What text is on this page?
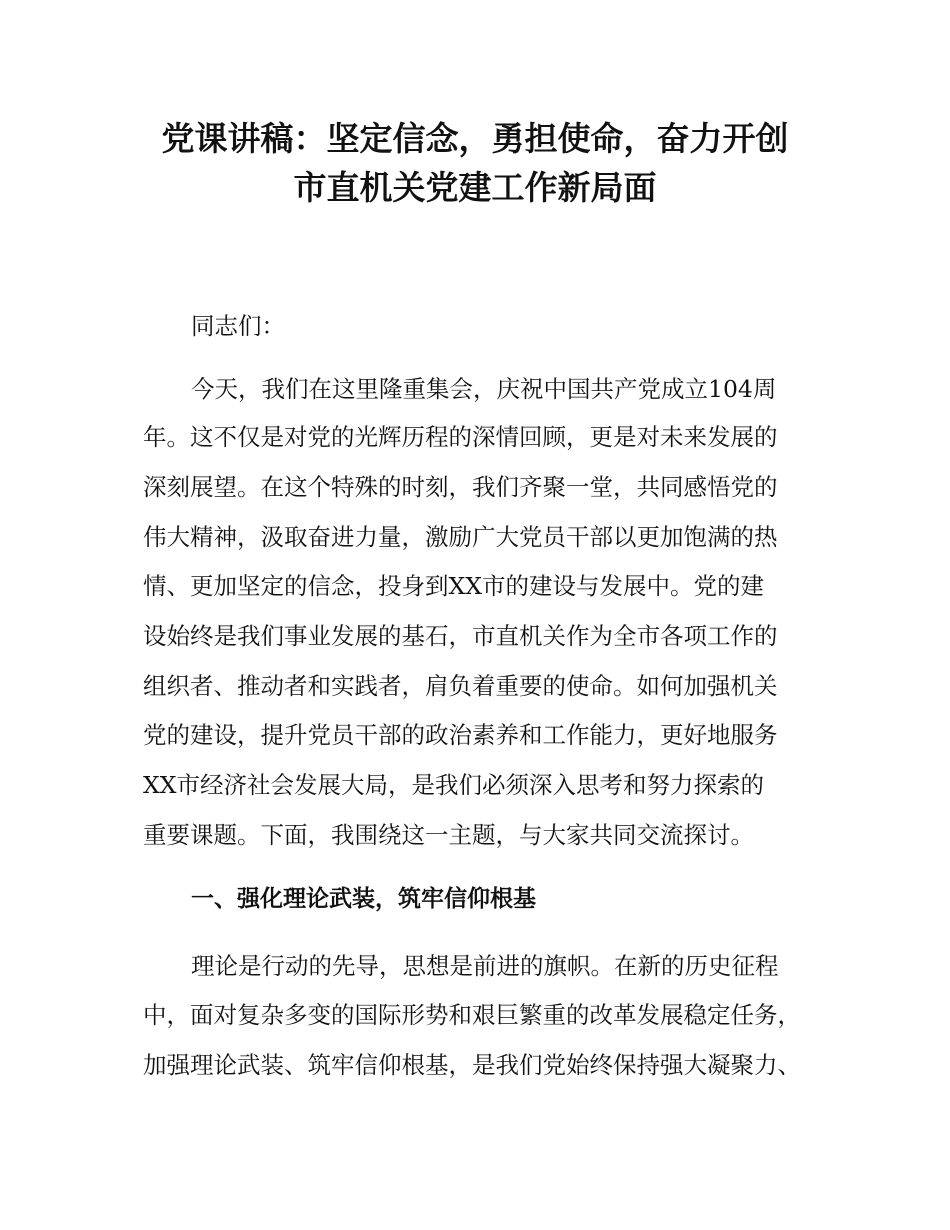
党课讲稿：坚定信念，勇担使命，奋力开创
市直机关党建工作新局面
同志们：
今天，我们在这里隆重集会，庆祝中国共产党成立104周
年。这不仅是对党的光辉历程的深情回顾，更是对未来发展的
深刻展望。在这个特殊的时刻，我们齐聚一堂，共同感悟党的
伟大精神，汲取奋进力量，激励广大党员干部以更加饱满的热
情、更加坚定的信念，投身到XX市的建设与发展中。党的建
设始终是我们事业发展的基石，市直机关作为全市各项工作的
组织者、推动者和实践者，肩负着重要的使命。如何加强机关
党的建设，提升党员干部的政治素养和工作能力，更好地服务
XX市经济社会发展大局，是我们必须深入思考和努力探索的
重要课题。下面，我围绕这一主题，与大家共同交流探讨。
一、强化理论武装，筑牢信仰根基
理论是行动的先导，思想是前进的旗帜。在新的历史征程
中，面对复杂多变的国际形势和艰巨繁重的改革发展稳定任务，
加强理论武装、筑牢信仰根基，是我们党始终保持强大凝聚力、
